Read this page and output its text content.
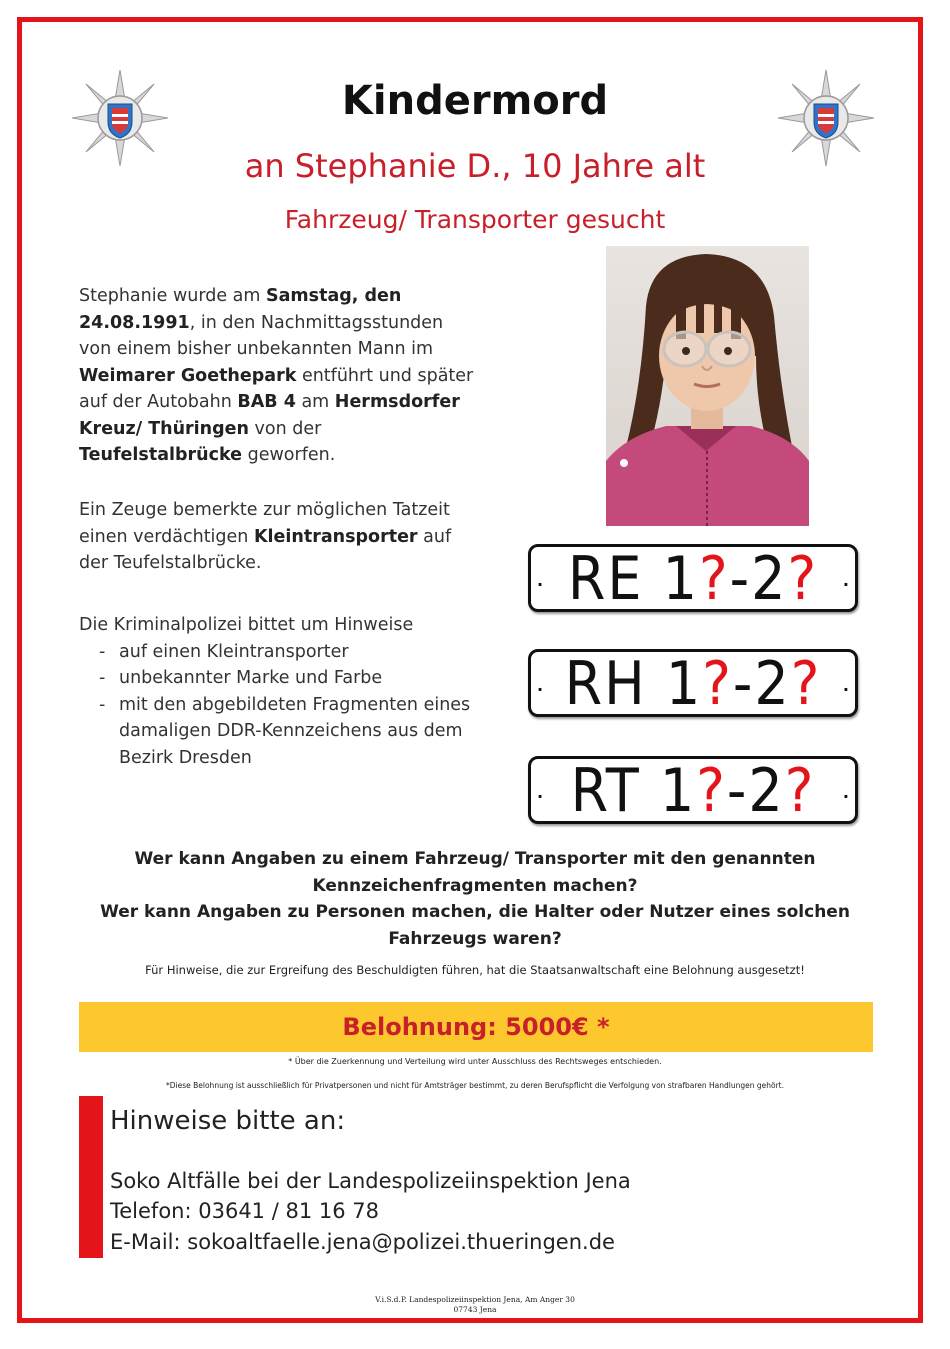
Kindermord
an Stephanie D., 10 Jahre alt
Fahrzeug/ Transporter gesucht
Stephanie wurde am Samstag, den 24.08.1991, in den Nachmittagsstunden von einem bisher unbekannten Mann im Weimarer Goethepark entführt und später auf der Autobahn BAB 4 am Hermsdorfer Kreuz/ Thüringen von der Teufelstalbrücke geworfen.
Ein Zeuge bemerkte zur möglichen Tatzeit einen verdächtigen Kleintransporter auf der Teufelstalbrücke.
Die Kriminalpolizei bittet um Hinweise
- auf einen Kleintransporter
- unbekannter Marke und Farbe
- mit den abgebildeten Fragmenten eines damaligen DDR-Kennzeichens aus dem Bezirk Dresden
· RE 1?-2?	·
· RH 1?-2?	·
· RT 1?-2?	·
Wer kann Angaben zu einem Fahrzeug/ Transporter mit den genannten Kennzeichenfragmenten machen?
Wer kann Angaben zu Personen machen, die Halter oder Nutzer eines solchen Fahrzeugs waren?
Für Hinweise, die zur Ergreifung des Beschuldigten führen, hat die Staatsanwaltschaft eine Belohnung ausgesetzt!
Belohnung: 5000€ *
* Über die Zuerkennung und Verteilung wird unter Ausschluss des Rechtsweges entschieden.
*Diese Belohnung ist ausschließlich für Privatpersonen und nicht für Amtsträger bestimmt, zu deren Berufspflicht die Verfolgung von strafbaren Handlungen gehört.
Hinweise bitte an:
Soko Altfälle bei der Landespolizeiinspektion Jena
Telefon: 03641 / 81 16 78
E-Mail: sokoaltfaelle.jena@polizei.thueringen.de
V.i.S.d.P. Landespolizeiinspektion Jena, Am Anger 30
07743 Jena
